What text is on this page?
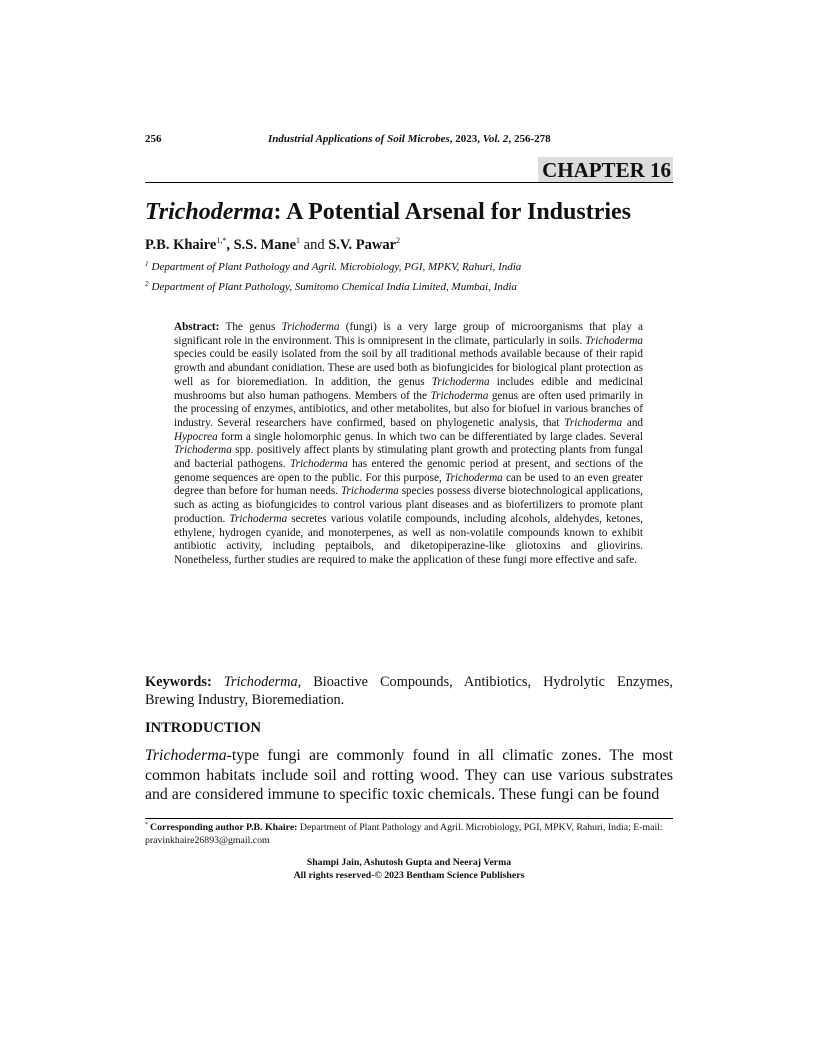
256	Industrial Applications of Soil Microbes, 2023, Vol. 2, 256-278
CHAPTER 16
Trichoderma: A Potential Arsenal for Industries
P.B. Khaire$^{1,*}$, S.S. Mane$^1$ and S.V. Pawar$^2$
$^1$ Department of Plant Pathology and Agril. Microbiology, PGI, MPKV, Rahuri, India
$^2$ Department of Plant Pathology, Sumitomo Chemical India Limited, Mumbai, India

Abstract: The genus Trichoderma (fungi) is a very large group of microorganisms that play a significant role in the environment. This is omnipresent in the climate, particularly in soils. Trichoderma species could be easily isolated from the soil by all traditional methods available because of their rapid growth and abundant conidiation. These are used both as biofungicides for biological plant protection as well as for bioremediation. In addition, the genus Trichoderma includes edible and medicinal mushrooms but also human pathogens. Members of the Trichoderma genus are often used primarily in the processing of enzymes, antibiotics, and other metabolites, but also for biofuel in various branches of industry. Several researchers have confirmed, based on phylogenetic analysis, that Trichoderma and Hypocrea form a single holomorphic genus. In which two can be differentiated by large clades. Several Trichoderma spp. positively affect plants by stimulating plant growth and protecting plants from fungal and bacterial pathogens. Trichoderma has entered the genomic period at present, and sections of the genome sequences are open to the public. For this purpose, Trichoderma can be used to an even greater degree than before for human needs. Trichoderma species possess diverse biotechnological applications, such as acting as biofungicides to control various plant diseases and as biofertilizers to promote plant production. Trichoderma secretes various volatile compounds, including alcohols, aldehydes, ketones, ethylene, hydrogen cyanide, and monoterpenes, as well as non-volatile compounds known to exhibit antibiotic activity, including peptaibols, and diketopiperazine-like gliotoxins and gliovirins. Nonetheless, further studies are required to make the application of these fungi more effective and safe.

Keywords: Trichoderma, Bioactive Compounds, Antibiotics, Hydrolytic Enzymes, Brewing Industry, Bioremediation.

INTRODUCTION

Trichoderma-type fungi are commonly found in all climatic zones. The most common habitats include soil and rotting wood. They can use various substrates and are considered immune to specific toxic chemicals. These fungi can be found

* Corresponding author P.B. Khaire: Department of Plant Pathology and Agril. Microbiology, PGI, MPKV, Rahuri, India; E-mail: pravinkhaire26893@gmail.com

Shampi Jain, Ashutosh Gupta and Neeraj Verma
All rights reserved-© 2023 Bentham Science Publishers
